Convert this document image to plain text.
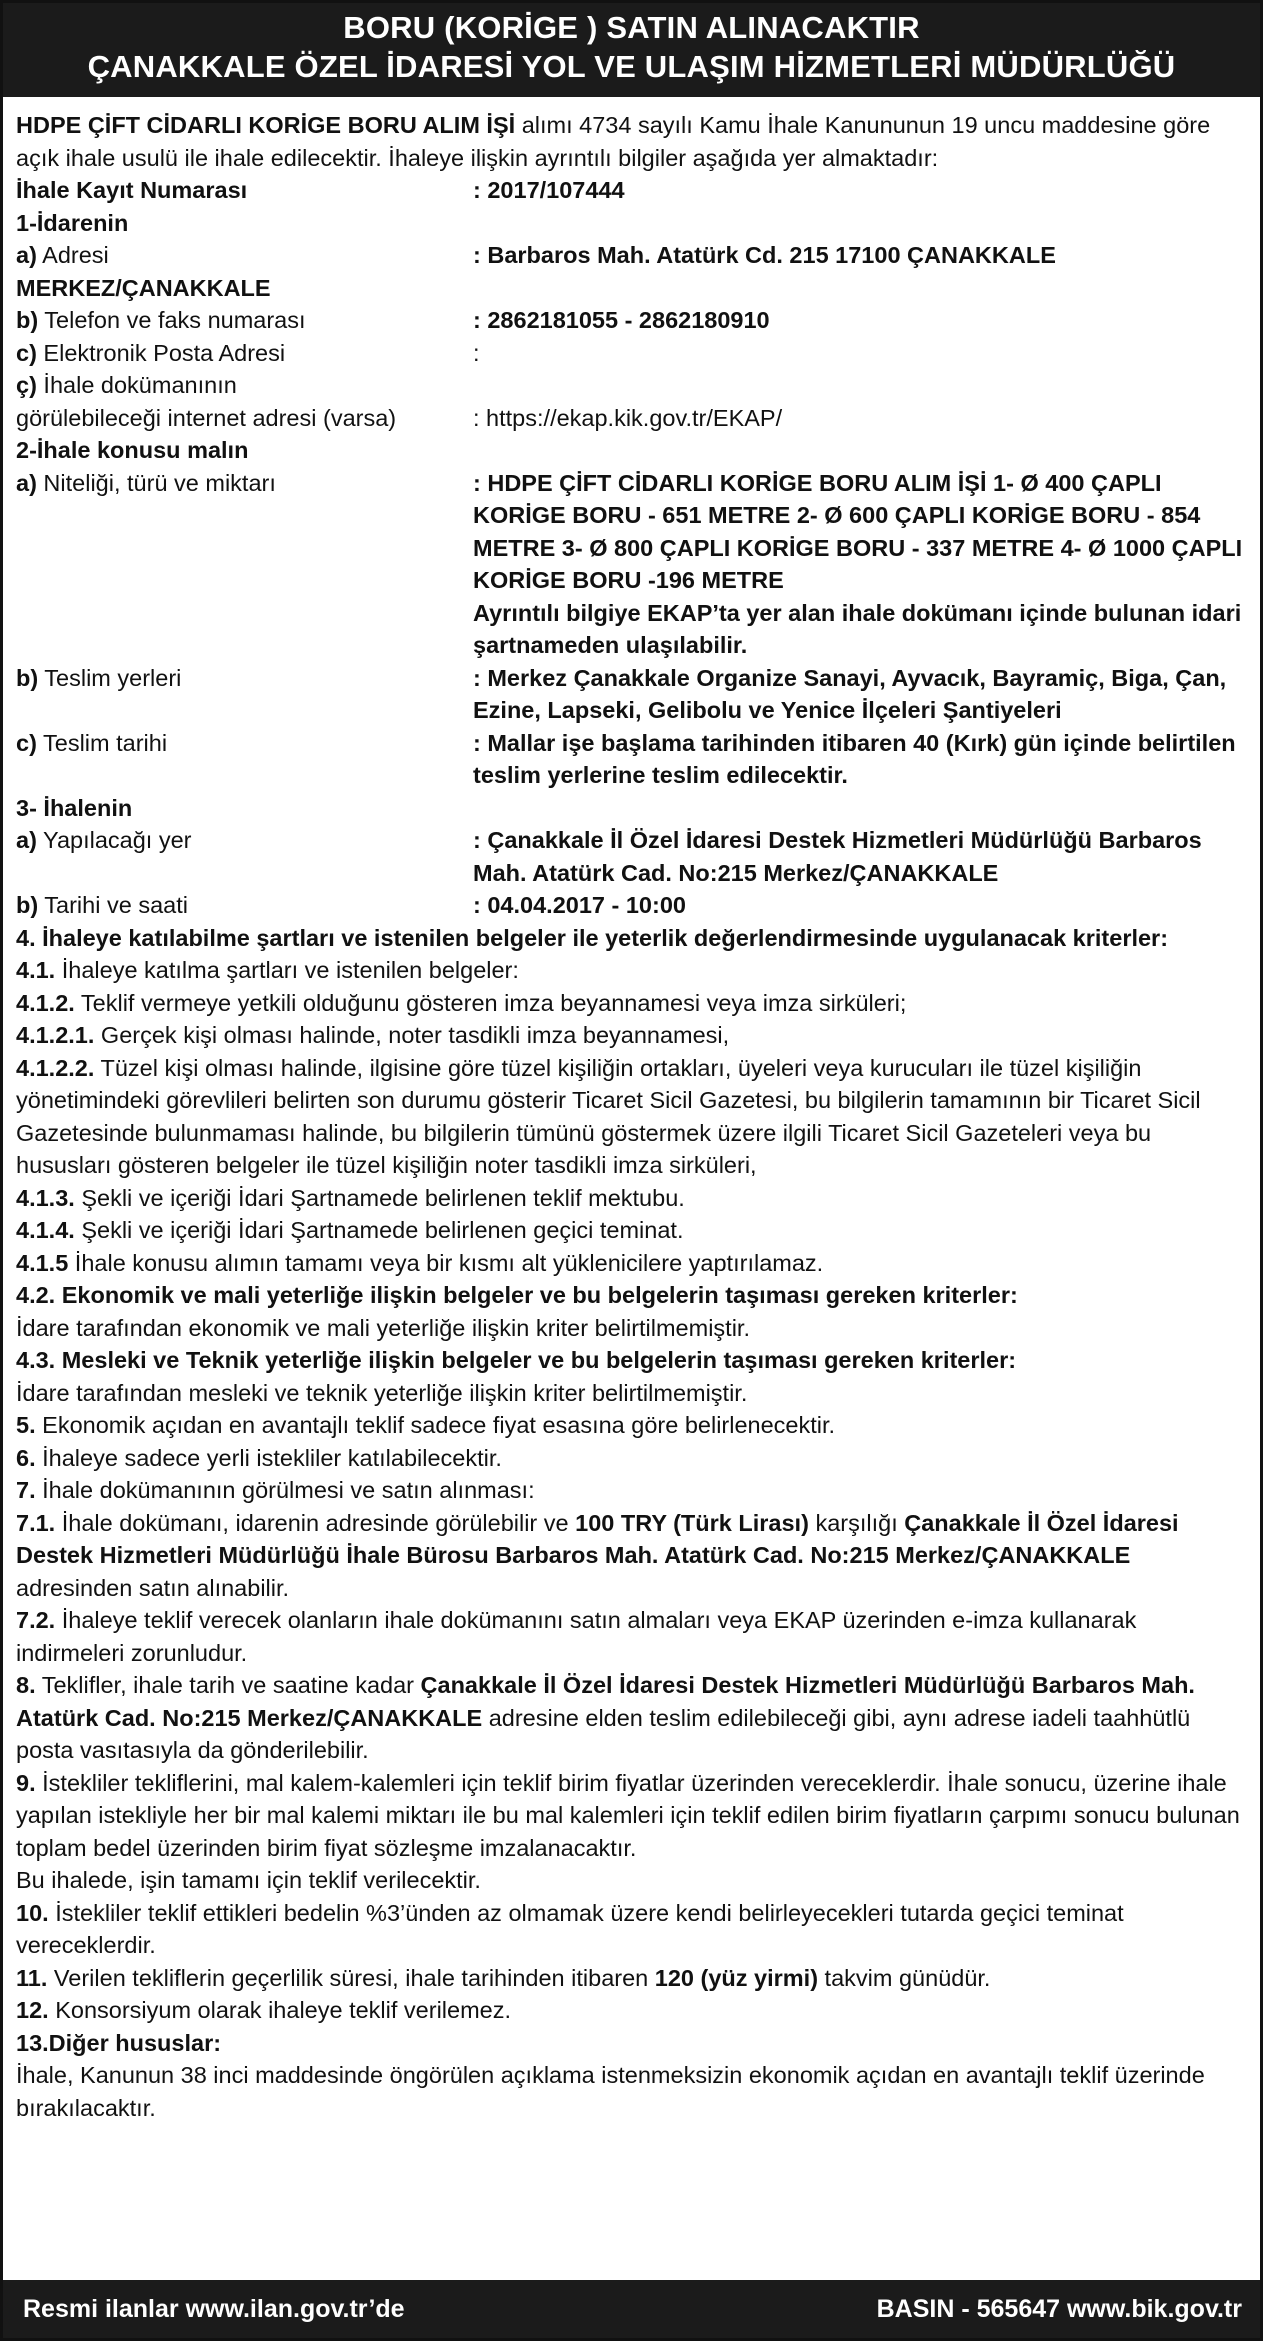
BORU (KORİGE ) SATIN ALINACAKTIR
ÇANAKKALE ÖZEL İDARESİ YOL VE ULAŞIM HİZMETLERİ MÜDÜRLÜĞÜ

HDPE ÇİFT CİDARLI KORİGE BORU ALIM İŞİ alımı 4734 sayılı Kamu İhale Kanununun 19 uncu maddesine göre açık ihale usulü ile ihale edilecektir. İhaleye ilişkin ayrıntılı bilgiler aşağıda yer almaktadır:

İhale Kayıt Numarası	: 2017/107444

1-İdarenin

a) Adresi	: Barbaros Mah. Atatürk Cd. 215 17100 ÇANAKKALE

MERKEZ/ÇANAKKALE

b) Telefon ve faks numarası	: 2862181055 - 2862180910
c) Elektronik Posta Adresi	:

ç) İhale dokümanının

görülebileceği internet adresi (varsa)	: https://ekap.kik.gov.tr/EKAP/

2-İhale konusu malın

a) Niteliği, türü ve miktarı	: HDPE ÇİFT CİDARLI KORİGE BORU ALIM İŞİ 1- Ø 400 ÇAPLI KORİGE BORU - 651 METRE 2- Ø 600 ÇAPLI KORİGE BORU - 854 METRE 3- Ø 800 ÇAPLI KORİGE BORU - 337 METRE 4- Ø 1000 ÇAPLI KORİGE BORU -196 METRE
Ayrıntılı bilgiye EKAP’ta yer alan ihale dokümanı içinde bulunan idari şartnameden ulaşılabilir.
b) Teslim yerleri	: Merkez Çanakkale Organize Sanayi, Ayvacık, Bayramiç, Biga, Çan, Ezine, Lapseki, Gelibolu ve Yenice İlçeleri Şantiyeleri
c) Teslim tarihi	: Mallar işe başlama tarihinden itibaren 40 (Kırk) gün içinde belirtilen teslim yerlerine teslim edilecektir.

3- İhalenin

a) Yapılacağı yer	: Çanakkale İl Özel İdaresi Destek Hizmetleri Müdürlüğü Barbaros Mah. Atatürk Cad. No:215 Merkez/ÇANAKKALE
b) Tarihi ve saati	: 04.04.2017 - 10:00

4. İhaleye katılabilme şartları ve istenilen belgeler ile yeterlik değerlendirmesinde uygulanacak kriterler:

4.1. İhaleye katılma şartları ve istenilen belgeler:

4.1.2. Teklif vermeye yetkili olduğunu gösteren imza beyannamesi veya imza sirküleri;

4.1.2.1. Gerçek kişi olması halinde, noter tasdikli imza beyannamesi,

4.1.2.2. Tüzel kişi olması halinde, ilgisine göre tüzel kişiliğin ortakları, üyeleri veya kurucuları ile tüzel kişiliğin yönetimindeki görevlileri belirten son durumu gösterir Ticaret Sicil Gazetesi, bu bilgilerin tamamının bir Ticaret Sicil Gazetesinde bulunmaması halinde, bu bilgilerin tümünü göstermek üzere ilgili Ticaret Sicil Gazeteleri veya bu hususları gösteren belgeler ile tüzel kişiliğin noter tasdikli imza sirküleri,

4.1.3. Şekli ve içeriği İdari Şartnamede belirlenen teklif mektubu.

4.1.4. Şekli ve içeriği İdari Şartnamede belirlenen geçici teminat.

4.1.5 İhale konusu alımın tamamı veya bir kısmı alt yüklenicilere yaptırılamaz.

4.2. Ekonomik ve mali yeterliğe ilişkin belgeler ve bu belgelerin taşıması gereken kriterler:

İdare tarafından ekonomik ve mali yeterliğe ilişkin kriter belirtilmemiştir.

4.3. Mesleki ve Teknik yeterliğe ilişkin belgeler ve bu belgelerin taşıması gereken kriterler:

İdare tarafından mesleki ve teknik yeterliğe ilişkin kriter belirtilmemiştir.

5. Ekonomik açıdan en avantajlı teklif sadece fiyat esasına göre belirlenecektir.

6. İhaleye sadece yerli istekliler katılabilecektir.

7. İhale dokümanının görülmesi ve satın alınması:

7.1. İhale dokümanı, idarenin adresinde görülebilir ve 100 TRY (Türk Lirası) karşılığı Çanakkale İl Özel İdaresi Destek Hizmetleri Müdürlüğü İhale Bürosu Barbaros Mah. Atatürk Cad. No:215 Merkez/ÇANAKKALE adresinden satın alınabilir.

7.2. İhaleye teklif verecek olanların ihale dokümanını satın almaları veya EKAP üzerinden e-imza kullanarak indirmeleri zorunludur.

8. Teklifler, ihale tarih ve saatine kadar Çanakkale İl Özel İdaresi Destek Hizmetleri Müdürlüğü Barbaros Mah. Atatürk Cad. No:215 Merkez/ÇANAKKALE adresine elden teslim edilebileceği gibi, aynı adrese iadeli taahhütlü posta vasıtasıyla da gönderilebilir.

9. İstekliler tekliflerini, mal kalem-kalemleri için teklif birim fiyatlar üzerinden vereceklerdir. İhale sonucu, üzerine ihale yapılan istekliyle her bir mal kalemi miktarı ile bu mal kalemleri için teklif edilen birim fiyatların çarpımı sonucu bulunan toplam bedel üzerinden birim fiyat sözleşme imzalanacaktır.

Bu ihalede, işin tamamı için teklif verilecektir.

10. İstekliler teklif ettikleri bedelin %3’ünden az olmamak üzere kendi belirleyecekleri tutarda geçici teminat vereceklerdir.

11. Verilen tekliflerin geçerlilik süresi, ihale tarihinden itibaren 120 (yüz yirmi) takvim günüdür.

12. Konsorsiyum olarak ihaleye teklif verilemez.

13.Diğer hususlar:

İhale, Kanunun 38 inci maddesinde öngörülen açıklama istenmeksizin ekonomik açıdan en avantajlı teklif üzerinde bırakılacaktır.

Resmi ilanlar www.ilan.gov.tr’de	BASIN - 565647 www.bik.gov.tr
